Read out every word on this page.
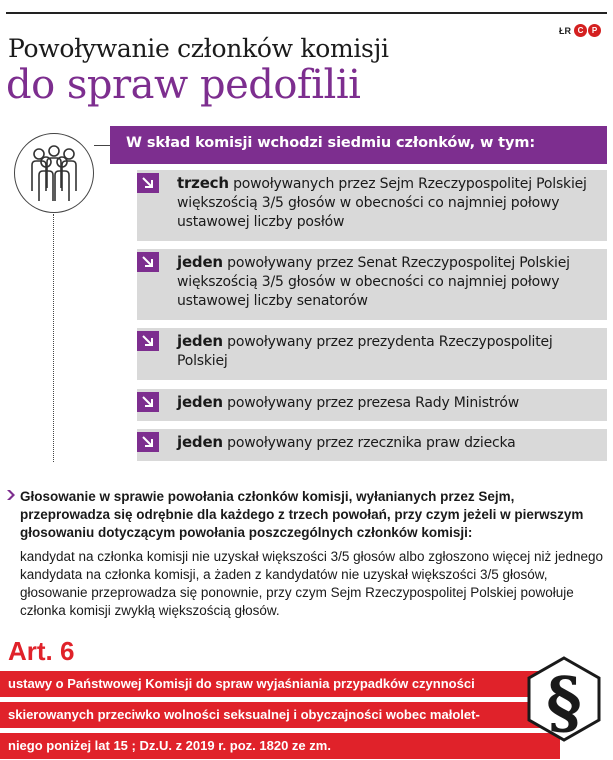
ŁR C	P
Powoływanie członków komisji
do spraw pedofilii
W skład komisji wchodzi siedmiu członków, w tym:
trzech powoływanych przez Sejm Rzeczypospolitej Polskiej większością 3/5 głosów w obecności co najmniej połowy ustawowej liczby posłów
jeden powoływany przez Senat Rzeczypospolitej Polskiej większością 3/5 głosów w obecności co najmniej połowy ustawowej liczby senatorów
jeden powoływany przez prezydenta Rzeczypospolitej Polskiej
jeden powoływany przez prezesa Rady Ministrów
jeden powoływany przez rzecznika praw dziecka

Głosowanie w sprawie powołania członków komisji, wyłanianych przez Sejm, przeprowadza się odrębnie dla każdego z trzech powołań, przy czym jeżeli w pierwszym głosowaniu dotyczącym powołania poszczególnych członków komisji:

kandydat na członka komisji nie uzyskał większości 3/5 głosów albo zgłoszono więcej niż jednego kandydata na członka komisji, a żaden z kandydatów nie uzyskał większości 3/5 głosów, głosowanie przeprowadza się ponownie, przy czym Sejm Rzeczypospolitej Polskiej powołuje członka komisji zwykłą większością głosów.

Art. 6
ustawy o Państwowej Komisji do spraw wyjaśniania przypadków czynności
skierowanych przeciwko wolności seksualnej i obyczajności wobec małolet-
niego poniżej lat 15 ; Dz.U. z 2019 r. poz. 1820 ze zm.
§
